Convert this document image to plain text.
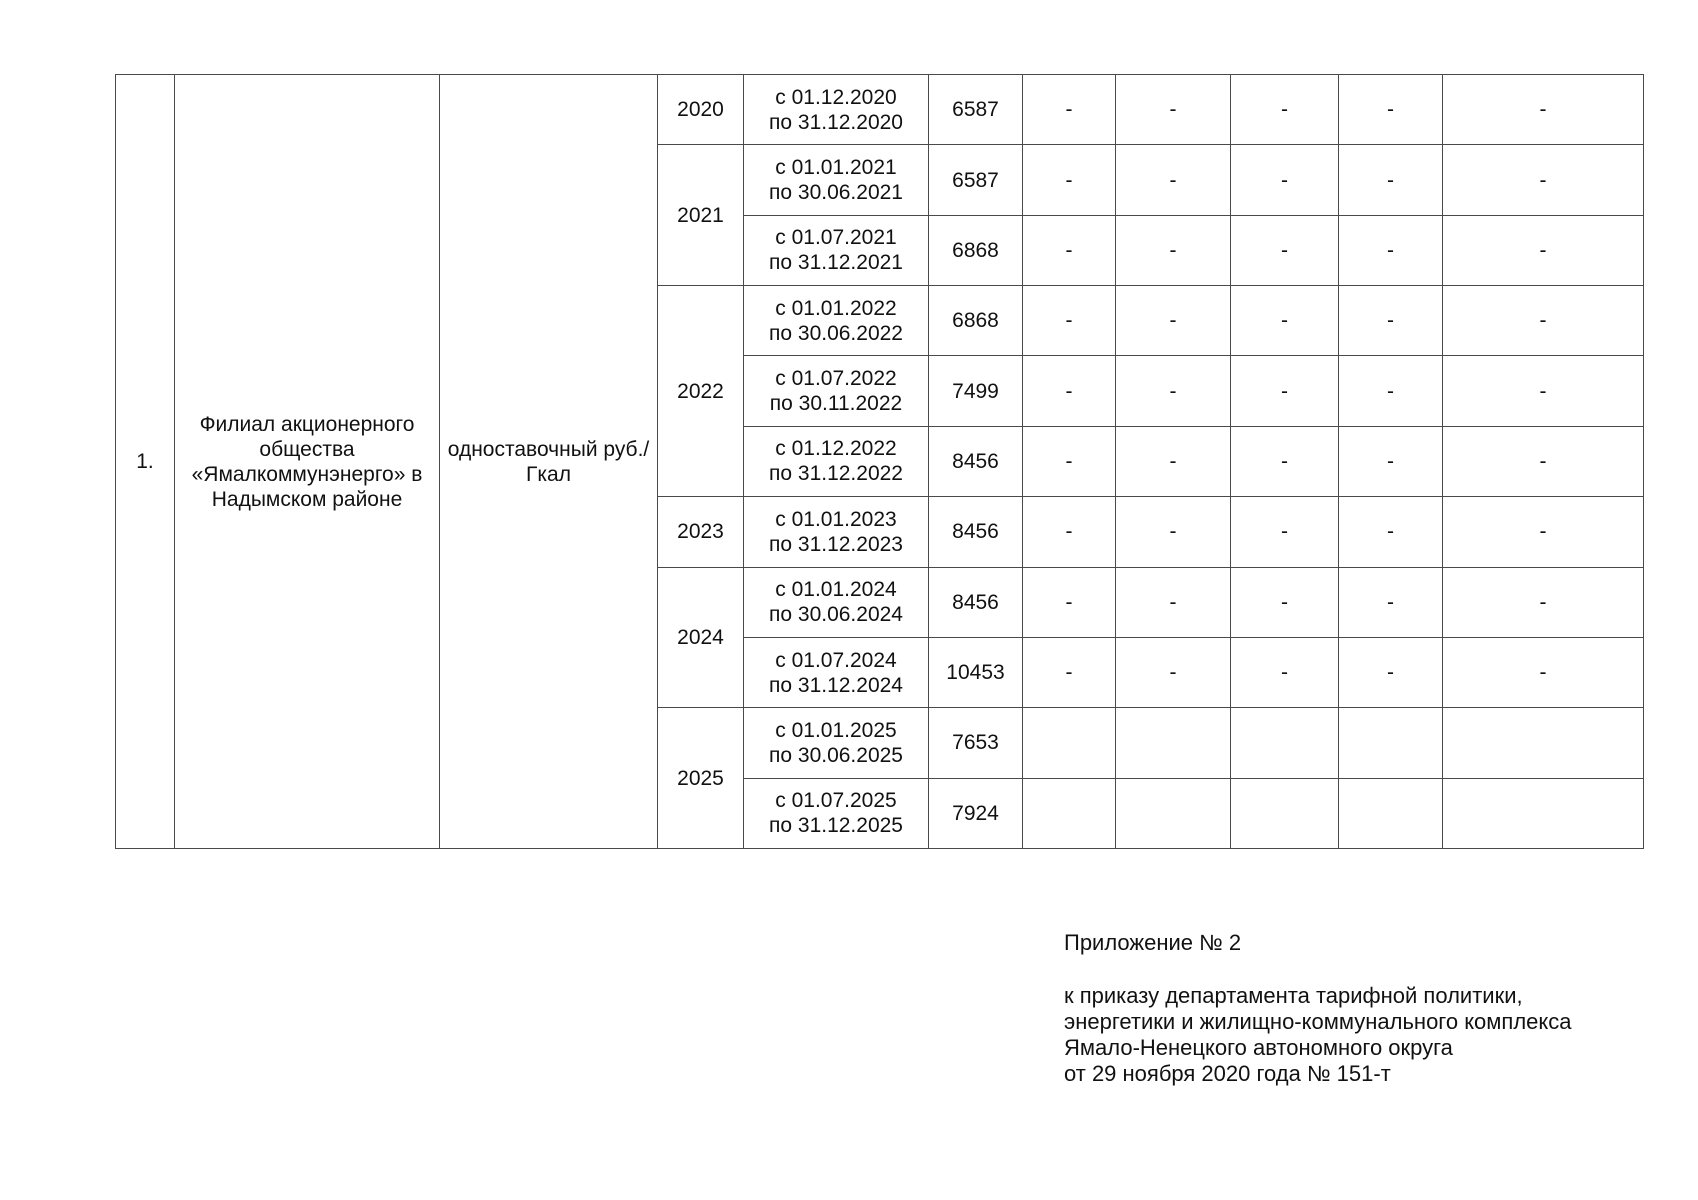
1.	Филиал акционерного общества «Ямалкоммунэнерго» в Надымском районе	одноставочный руб./Гкал	2020	с 01.12.2020
по 31.12.2020	6587	-	-	-	-	-
			2021	с 01.01.2021
по 30.06.2021	6587	-	-	-	-	-

				с 01.07.2021
по 31.12.2021	6868	-	-	-	-	-
			2022	с 01.01.2022
по 30.06.2022	6868	-	-	-	-	-

				с 01.07.2022
по 30.11.2022	7499	-	-	-	-	-

				с 01.12.2022
по 31.12.2022	8456	-	-	-	-	-
			2023	с 01.01.2023
по 31.12.2023	8456	-	-	-	-	-
			2024	с 01.01.2024
по 30.06.2024	8456	-	-	-	-	-

				с 01.07.2024
по 31.12.2024	10453	-	-	-	-	-
			2025	с 01.01.2025
по 30.06.2025	7653					

				с 01.07.2025
по 31.12.2025	7924					
Приложение № 2
к приказу департамента тарифной политики,
энергетики и жилищно-коммунального комплекса
Ямало-Ненецкого автономного округа
от 29 ноября 2020 года № 151-т
